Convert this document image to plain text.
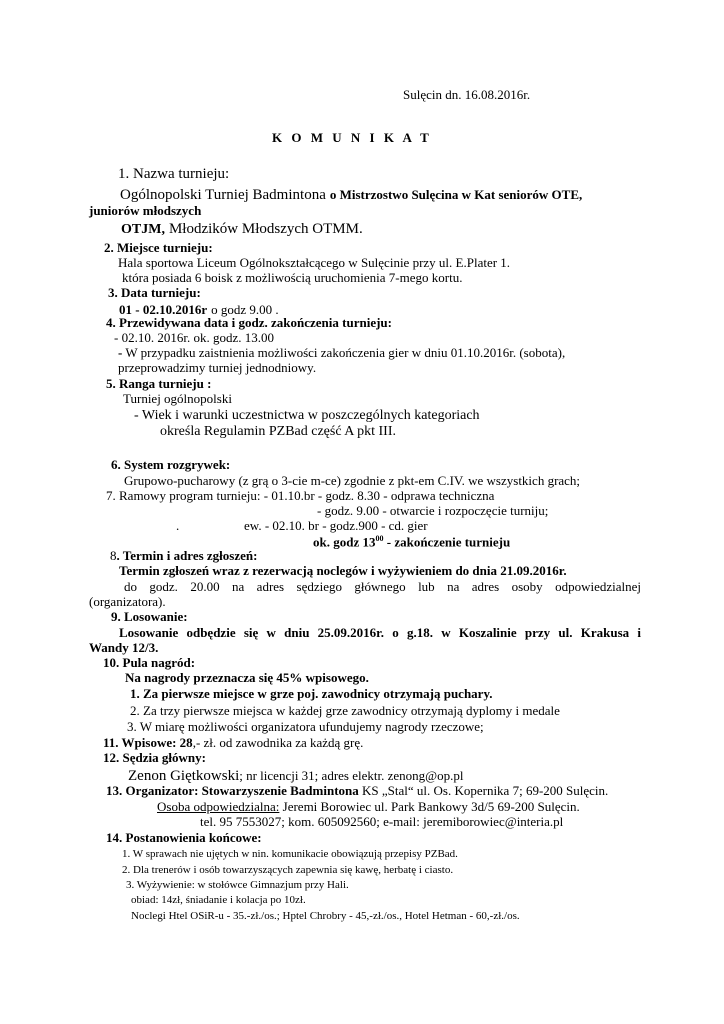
Sulęcin dn. 16.08.2016r.
K O M U N I K A T
1. Nazwa turnieju:
Ogólnopolski Turniej Badmintona o Mistrzostwo Sulęcina w Kat seniorów OTE,
juniorów młodszych
OTJM, Młodzików Młodszych OTMM.
2. Miejsce turnieju:
Hala sportowa Liceum Ogólnokształcącego w Sulęcinie przy ul. E.Plater 1.
która posiada 6 boisk z możliwością uruchomienia 7-mego kortu.
3. Data turnieju:
01 - 02.10.2016r o godz 9.00 .
4. Przewidywana data i godz. zakończenia turnieju:
- 02.10. 2016r. ok. godz. 13.00
- W przypadku zaistnienia możliwości zakończenia gier w dniu 01.10.2016r. (sobota),
przeprowadzimy turniej jednodniowy.
5. Ranga turnieju :
Turniej ogólnopolski
- Wiek i warunki uczestnictwa w poszczególnych kategoriach
określa Regulamin PZBad część A pkt III.
6. System rozgrywek:
Grupowo-pucharowy (z grą o 3-cie m-ce) zgodnie z pkt-em C.IV. we wszystkich grach;
7. Ramowy program turnieju: - 01.10.br - godz. 8.30 - odprawa techniczna
- godz. 9.00 - otwarcie i rozpoczęcie turniju;
.	ew. - 02.10. br - godz.900 - cd. gier
ok. godz $13^{00}$ - zakończenie turnieju
8. Termin i adres zgłoszeń:
Termin zgłoszeń wraz z rezerwacją noclegów i wyżywieniem do dnia 21.09.2016r.
do godz. 20.00 na adres sędziego głównego lub na adres osoby odpowiedzialnej
(organizatora).
9. Losowanie:
Losowanie odbędzie się w dniu 25.09.2016r. o g.18. w Koszalinie przy ul. Krakusa i
Wandy 12/3.
10. Pula nagród:
Na nagrody przeznacza się 45% wpisowego.
1. Za pierwsze miejsce w grze poj. zawodnicy otrzymają puchary.
2. Za trzy pierwsze miejsca w każdej grze zawodnicy otrzymają dyplomy i medale
3. W miarę możliwości organizatora ufundujemy nagrody rzeczowe;
11. Wpisowe: 28,- zł. od zawodnika za każdą grę.
12. Sędzia główny:
Zenon Giętkowski; nr licencji 31; adres elektr. zenong@op.pl
13. Organizator: Stowarzyszenie Badmintona KS „Stal“ ul. Os. Kopernika 7; 69-200 Sulęcin.
Osoba odpowiedzialna: Jeremi Borowiec ul. Park Bankowy 3d/5 69-200 Sulęcin.
tel. 95 7553027; kom. 605092560; e-mail: jeremiborowiec@interia.pl
14. Postanowienia końcowe:
1. W sprawach nie ujętych w nin. komunikacie obowiązują przepisy PZBad.
2. Dla trenerów i osób towarzyszących zapewnia się kawę, herbatę i ciasto.
3. Wyżywienie: w stołówce Gimnazjum przy Hali.
obiad: 14zł, śniadanie i kolacja po 10zł.
Noclegi Htel OSiR-u - 35.-zł./os.; Hptel Chrobry - 45,-zł./os., Hotel Hetman - 60,-zł./os.
